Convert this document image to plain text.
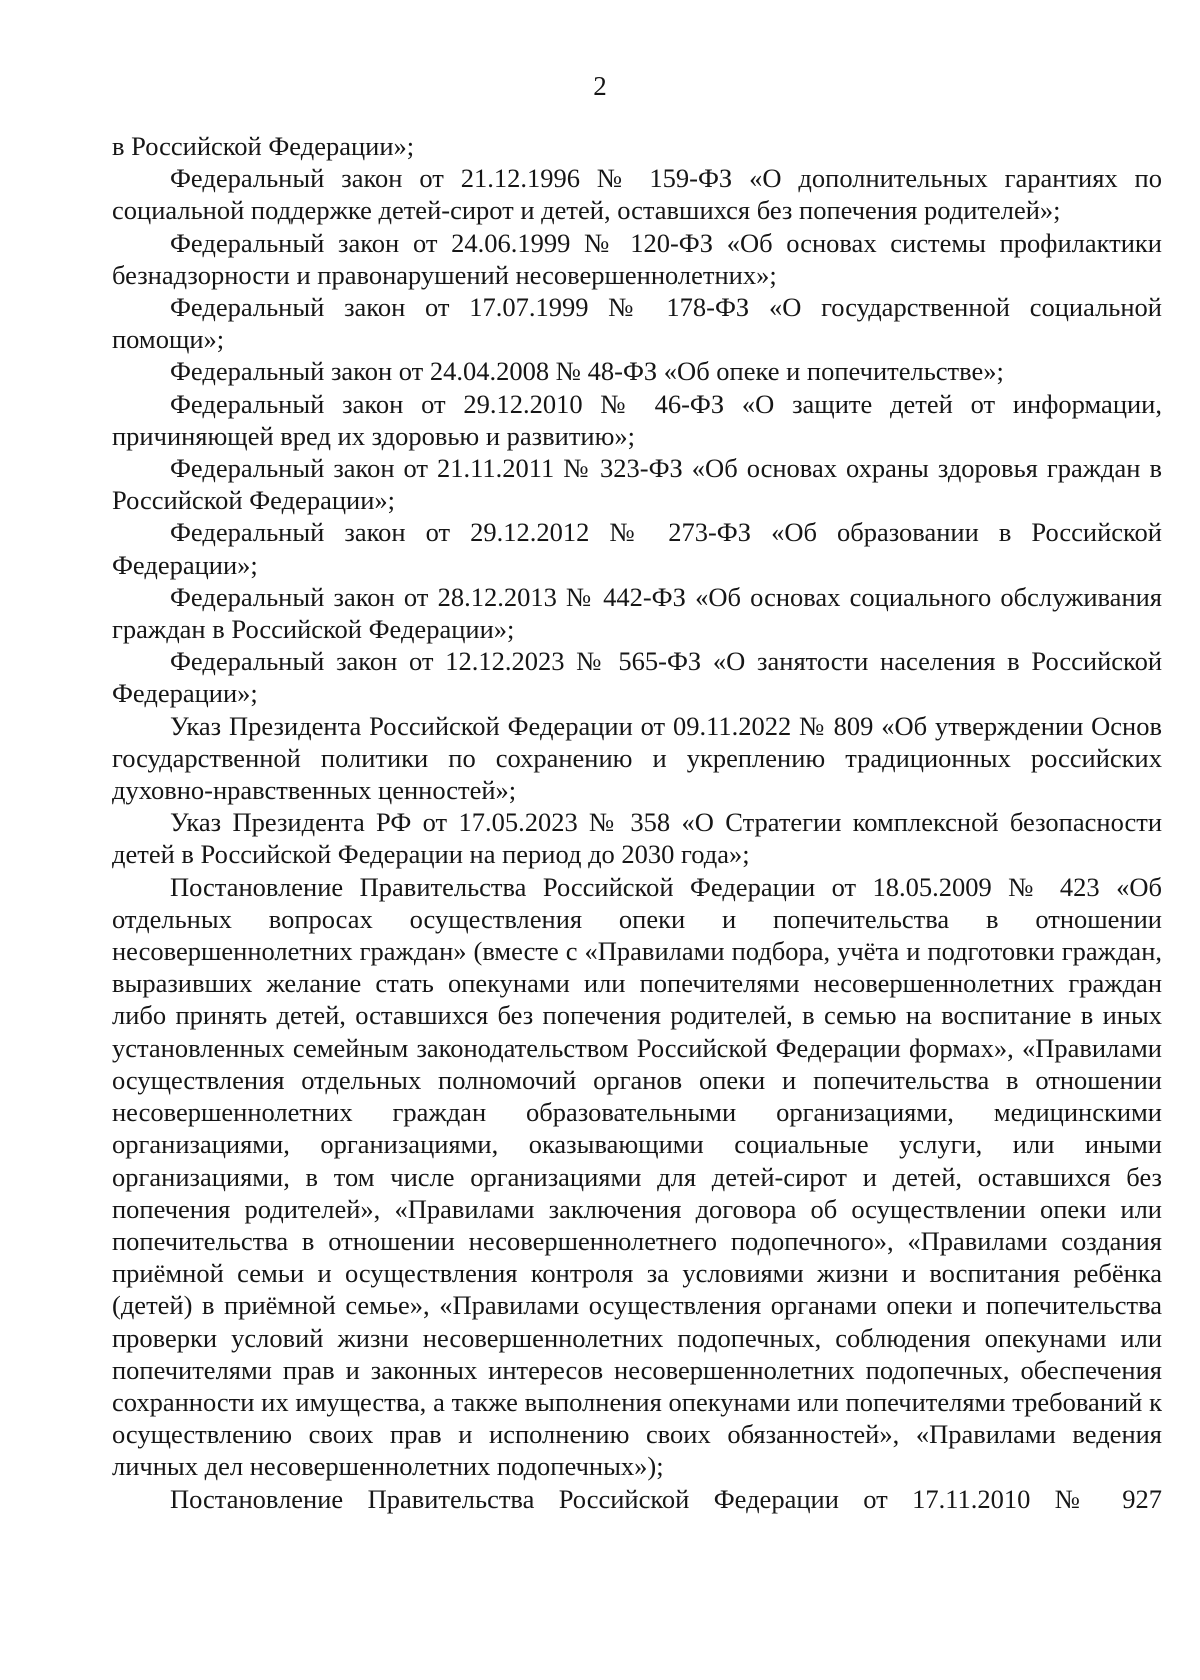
2

в Российской Федерации»;

Федеральный закон от 21.12.1996 № 159-ФЗ «О дополнительных гарантиях по социальной поддержке детей-сирот и детей, оставшихся без попечения родителей»;

Федеральный закон от 24.06.1999 № 120-ФЗ «Об основах системы профилактики безнадзорности и правонарушений несовершеннолетних»;

Федеральный закон от 17.07.1999 № 178-ФЗ «О государственной социальной помощи»;

Федеральный закон от 24.04.2008 № 48-ФЗ «Об опеке и попечительстве»;

Федеральный закон от 29.12.2010 № 46-ФЗ «О защите детей от информации, причиняющей вред их здоровью и развитию»;

Федеральный закон от 21.11.2011 № 323-ФЗ «Об основах охраны здоровья граждан в Российской Федерации»;

Федеральный закон от 29.12.2012 № 273-ФЗ «Об образовании в Российской Федерации»;

Федеральный закон от 28.12.2013 № 442-ФЗ «Об основах социального обслуживания граждан в Российской Федерации»;

Федеральный закон от 12.12.2023 № 565-ФЗ «О занятости населения в Российской Федерации»;

Указ Президента Российской Федерации от 09.11.2022 № 809 «Об утверждении Основ государственной политики по сохранению и укреплению традиционных российских духовно-нравственных ценностей»;

Указ Президента РФ от 17.05.2023 № 358 «О Стратегии комплексной безопасности детей в Российской Федерации на период до 2030 года»;

Постановление Правительства Российской Федерации от 18.05.2009 № 423 «Об отдельных вопросах осуществления опеки и попечительства в отношении несовершеннолетних граждан» (вместе с «Правилами подбора, учёта и подготовки граждан, выразивших желание стать опекунами или попечителями несовершеннолетних граждан либо принять детей, оставшихся без попечения родителей, в семью на воспитание в иных установленных семейным законодательством Российской Федерации формах», «Правилами осуществления отдельных полномочий органов опеки и попечительства в отношении несовершеннолетних граждан образовательными организациями, медицинскими организациями, организациями, оказывающими социальные услуги, или иными организациями, в том числе организациями для детей-сирот и детей, оставшихся без попечения родителей», «Правилами заключения договора об осуществлении опеки или попечительства в отношении несовершеннолетнего подопечного», «Правилами создания приёмной семьи и осуществления контроля за условиями жизни и воспитания ребёнка (детей) в приёмной семье», «Правилами осуществления органами опеки и попечительства проверки условий жизни несовершеннолетних подопечных, соблюдения опекунами или попечителями прав и законных интересов несовершеннолетних подопечных, обеспечения сохранности их имущества, а также выполнения опекунами или попечителями требований к осуществлению своих прав и исполнению своих обязанностей», «Правилами ведения личных дел несовершеннолетних подопечных»);

Постановление Правительства Российской Федерации от 17.11.2010 № 927
